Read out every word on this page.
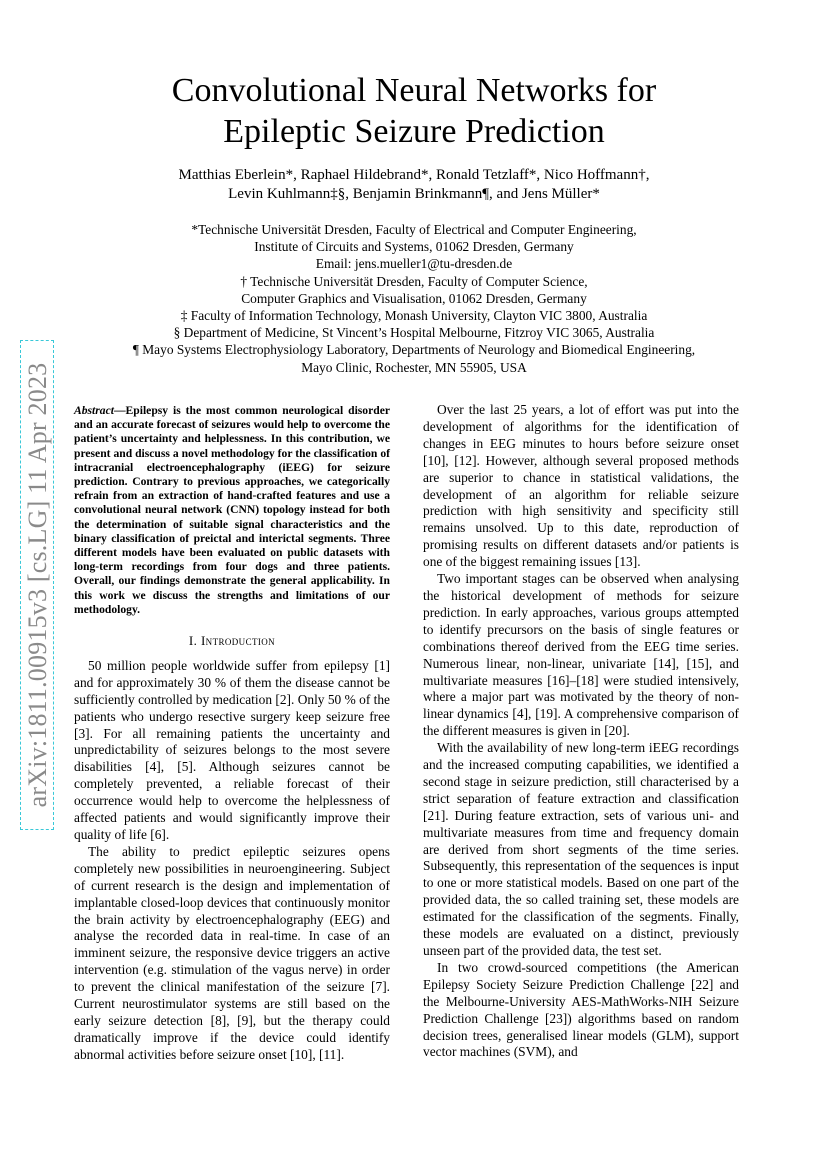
arXiv:1811.00915v3 [cs.LG] 11 Apr 2023
Convolutional Neural Networks for
Epileptic Seizure Prediction
Matthias Eberlein*, Raphael Hildebrand*, Ronald Tetzlaff*, Nico Hoffmann†,
Levin Kuhlmann‡§, Benjamin Brinkmann¶, and Jens Müller*
*Technische Universität Dresden, Faculty of Electrical and Computer Engineering,
Institute of Circuits and Systems, 01062 Dresden, Germany
Email: jens.mueller1@tu-dresden.de
† Technische Universität Dresden, Faculty of Computer Science,
Computer Graphics and Visualisation, 01062 Dresden, Germany
‡ Faculty of Information Technology, Monash University, Clayton VIC 3800, Australia
§ Department of Medicine, St Vincent’s Hospital Melbourne, Fitzroy VIC 3065, Australia
¶ Mayo Systems Electrophysiology Laboratory, Departments of Neurology and Biomedical Engineering,
Mayo Clinic, Rochester, MN 55905, USA

Abstract—Epilepsy is the most common neurological disorder and an accurate forecast of seizures would help to overcome the patient’s uncertainty and helplessness. In this contribution, we present and discuss a novel methodology for the classification of intracranial electroencephalography (iEEG) for seizure prediction. Contrary to previous approaches, we categorically refrain from an extraction of hand-crafted features and use a convolutional neural network (CNN) topology instead for both the determination of suitable signal characteristics and the binary classification of preictal and interictal segments. Three different models have been evaluated on public datasets with long-term recordings from four dogs and three patients. Overall, our findings demonstrate the general applicability. In this work we discuss the strengths and limitations of our methodology.

I. Introduction

50 million people worldwide suffer from epilepsy [1] and for approximately 30 % of them the disease cannot be sufficiently controlled by medication [2]. Only 50 % of the patients who undergo resective surgery keep seizure free [3]. For all remaining patients the uncertainty and unpredictability of seizures belongs to the most severe disabilities [4], [5]. Although seizures cannot be completely prevented, a reliable forecast of their occurrence would help to overcome the helplessness of affected patients and would significantly improve their quality of life [6].

The ability to predict epileptic seizures opens completely new possibilities in neuroengineering. Subject of current research is the design and implementation of implantable closed-loop devices that continuously monitor the brain activity by electroencephalography (EEG) and analyse the recorded data in real-time. In case of an imminent seizure, the responsive device triggers an active intervention (e.g. stimulation of the vagus nerve) in order to prevent the clinical manifestation of the seizure [7]. Current neurostimulator systems are still based on the early seizure detection [8], [9], but the therapy could dramatically improve if the device could identify abnormal activities before seizure onset [10], [11].

Over the last 25 years, a lot of effort was put into the development of algorithms for the identification of changes in EEG minutes to hours before seizure onset [10], [12]. However, although several proposed methods are superior to chance in statistical validations, the development of an algorithm for reliable seizure prediction with high sensitivity and specificity still remains unsolved. Up to this date, reproduction of promising results on different datasets and/or patients is one of the biggest remaining issues [13].

Two important stages can be observed when analysing the historical development of methods for seizure prediction. In early approaches, various groups attempted to identify precursors on the basis of single features or combinations thereof derived from the EEG time series. Numerous linear, non-linear, univariate [14], [15], and multivariate measures [16]–[18] were studied intensively, where a major part was motivated by the theory of non-linear dynamics [4], [19]. A comprehensive comparison of the different measures is given in [20].

With the availability of new long-term iEEG recordings and the increased computing capabilities, we identified a second stage in seizure prediction, still characterised by a strict separation of feature extraction and classification [21]. During feature extraction, sets of various uni- and multivariate measures from time and frequency domain are derived from short segments of the time series. Subsequently, this representation of the sequences is input to one or more statistical models. Based on one part of the provided data, the so called training set, these models are estimated for the classification of the segments. Finally, these models are evaluated on a distinct, previously unseen part of the provided data, the test set.

In two crowd-sourced competitions (the American Epilepsy Society Seizure Prediction Challenge [22] and the Melbourne-University AES-MathWorks-NIH Seizure Prediction Challenge [23]) algorithms based on random decision trees, generalised linear models (GLM), support vector machines (SVM), and
